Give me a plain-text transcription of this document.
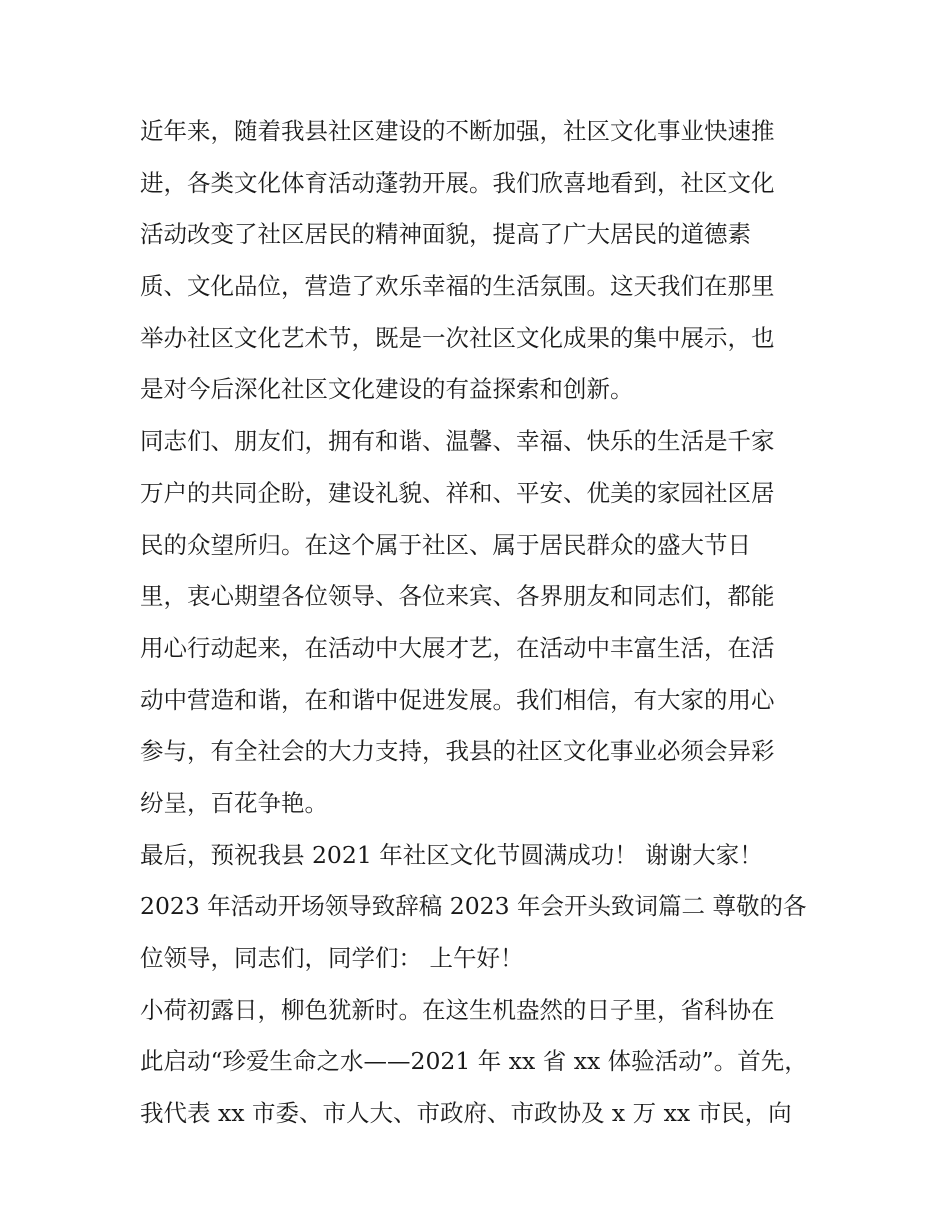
近年来，随着我县社区建设的不断加强，社区文化事业快速推
进，各类文化体育活动蓬勃开展。我们欣喜地看到，社区文化
活动改变了社区居民的精神面貌，提高了广大居民的道德素
质、文化品位，营造了欢乐幸福的生活氛围。这天我们在那里
举办社区文化艺术节，既是一次社区文化成果的集中展示，也
是对今后深化社区文化建设的有益探索和创新。
同志们、朋友们，拥有和谐、温馨、幸福、快乐的生活是千家
万户的共同企盼，建设礼貌、祥和、平安、优美的家园社区居
民的众望所归。在这个属于社区、属于居民群众的盛大节日
里，衷心期望各位领导、各位来宾、各界朋友和同志们，都能
用心行动起来，在活动中大展才艺，在活动中丰富生活，在活
动中营造和谐，在和谐中促进发展。我们相信，有大家的用心
参与，有全社会的大力支持，我县的社区文化事业必须会异彩
纷呈，百花争艳。
最后，预祝我县 2021 年社区文化节圆满成功！ 谢谢大家！
2023 年活动开场领导致辞稿 2023 年会开头致词篇二 尊敬的各
位领导，同志们，同学们： 上午好！
小荷初露日，柳色犹新时。在这生机盎然的日子里，省科协在
此启动“珍爱生命之水——2021 年 xx 省 xx 体验活动”。首先，
我代表 xx 市委、市人大、市政府、市政协及 x 万 xx 市民，向
